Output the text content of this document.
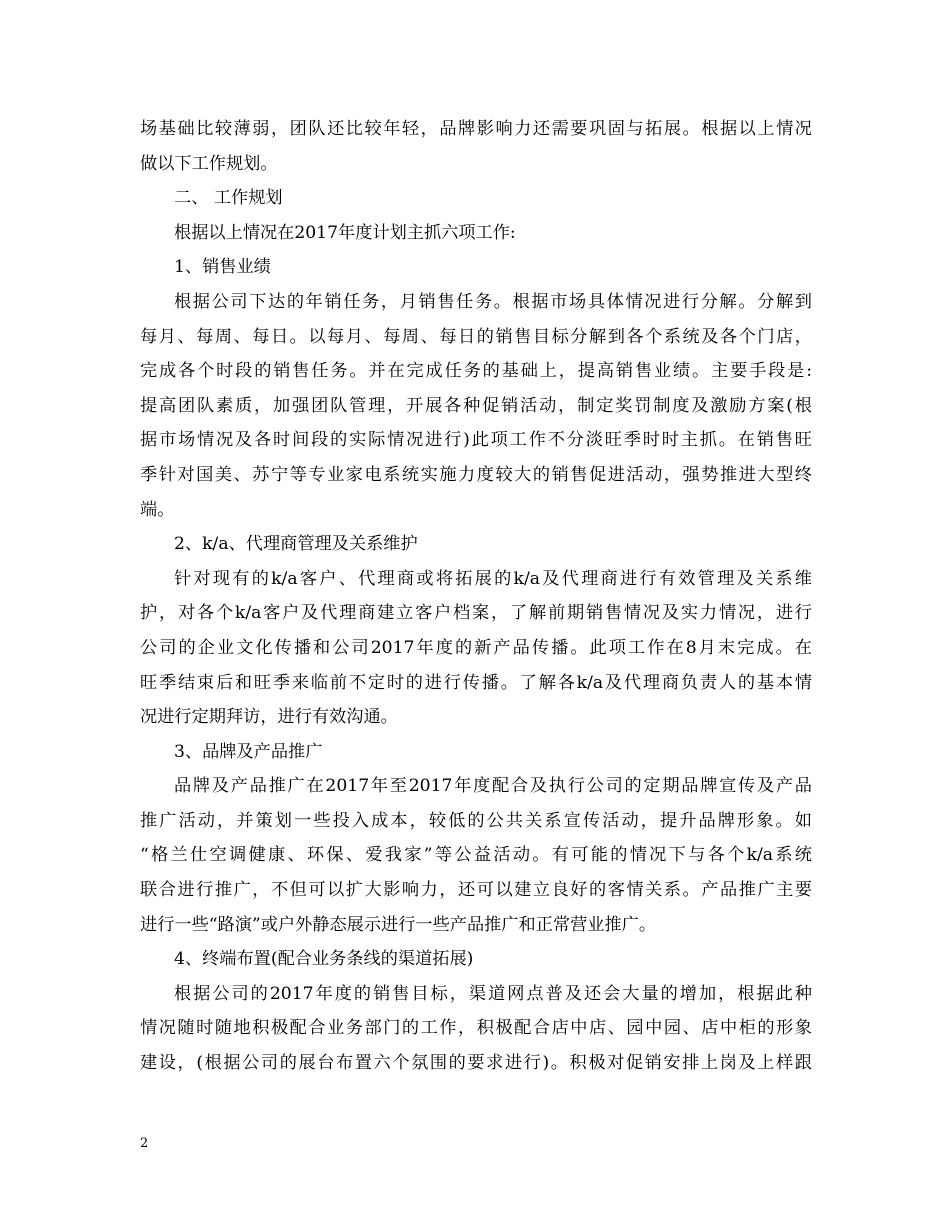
场基础比较薄弱，团队还比较年轻，品牌影响力还需要巩固与拓展。根据以上情况
做以下工作规划。
二、 工作规划
根据以上情况在2017年度计划主抓六项工作:
1、销售业绩
根据公司下达的年销任务，月销售任务。根据市场具体情况进行分解。分解到
每月、每周、每日。以每月、每周、每日的销售目标分解到各个系统及各个门店，
完成各个时段的销售任务。并在完成任务的基础上，提高销售业绩。主要手段是:
提高团队素质，加强团队管理，开展各种促销活动，制定奖罚制度及激励方案(根
据市场情况及各时间段的实际情况进行)此项工作不分淡旺季时时主抓。在销售旺
季针对国美、苏宁等专业家电系统实施力度较大的销售促进活动，强势推进大型终
端。
2、k/a、代理商管理及关系维护
针对现有的k/a客户、代理商或将拓展的k/a及代理商进行有效管理及关系维
护，对各个k/a客户及代理商建立客户档案，了解前期销售情况及实力情况，进行
公司的企业文化传播和公司2017年度的新产品传播。此项工作在8月末完成。在
旺季结束后和旺季来临前不定时的进行传播。了解各k/a及代理商负责人的基本情
况进行定期拜访，进行有效沟通。
3、品牌及产品推广
品牌及产品推广在2017年至2017年度配合及执行公司的定期品牌宣传及产品
推广活动，并策划一些投入成本，较低的公共关系宣传活动，提升品牌形象。如
“格兰仕空调健康、环保、爱我家”等公益活动。有可能的情况下与各个k/a系统
联合进行推广，不但可以扩大影响力，还可以建立良好的客情关系。产品推广主要
进行一些“路演”或户外静态展示进行一些产品推广和正常营业推广。
4、终端布置(配合业务条线的渠道拓展)
根据公司的2017年度的销售目标，渠道网点普及还会大量的增加，根据此种
情况随时随地积极配合业务部门的工作，积极配合店中店、园中园、店中柜的形象
建设，(根据公司的展台布置六个氛围的要求进行)。积极对促销安排上岗及上样跟
2
